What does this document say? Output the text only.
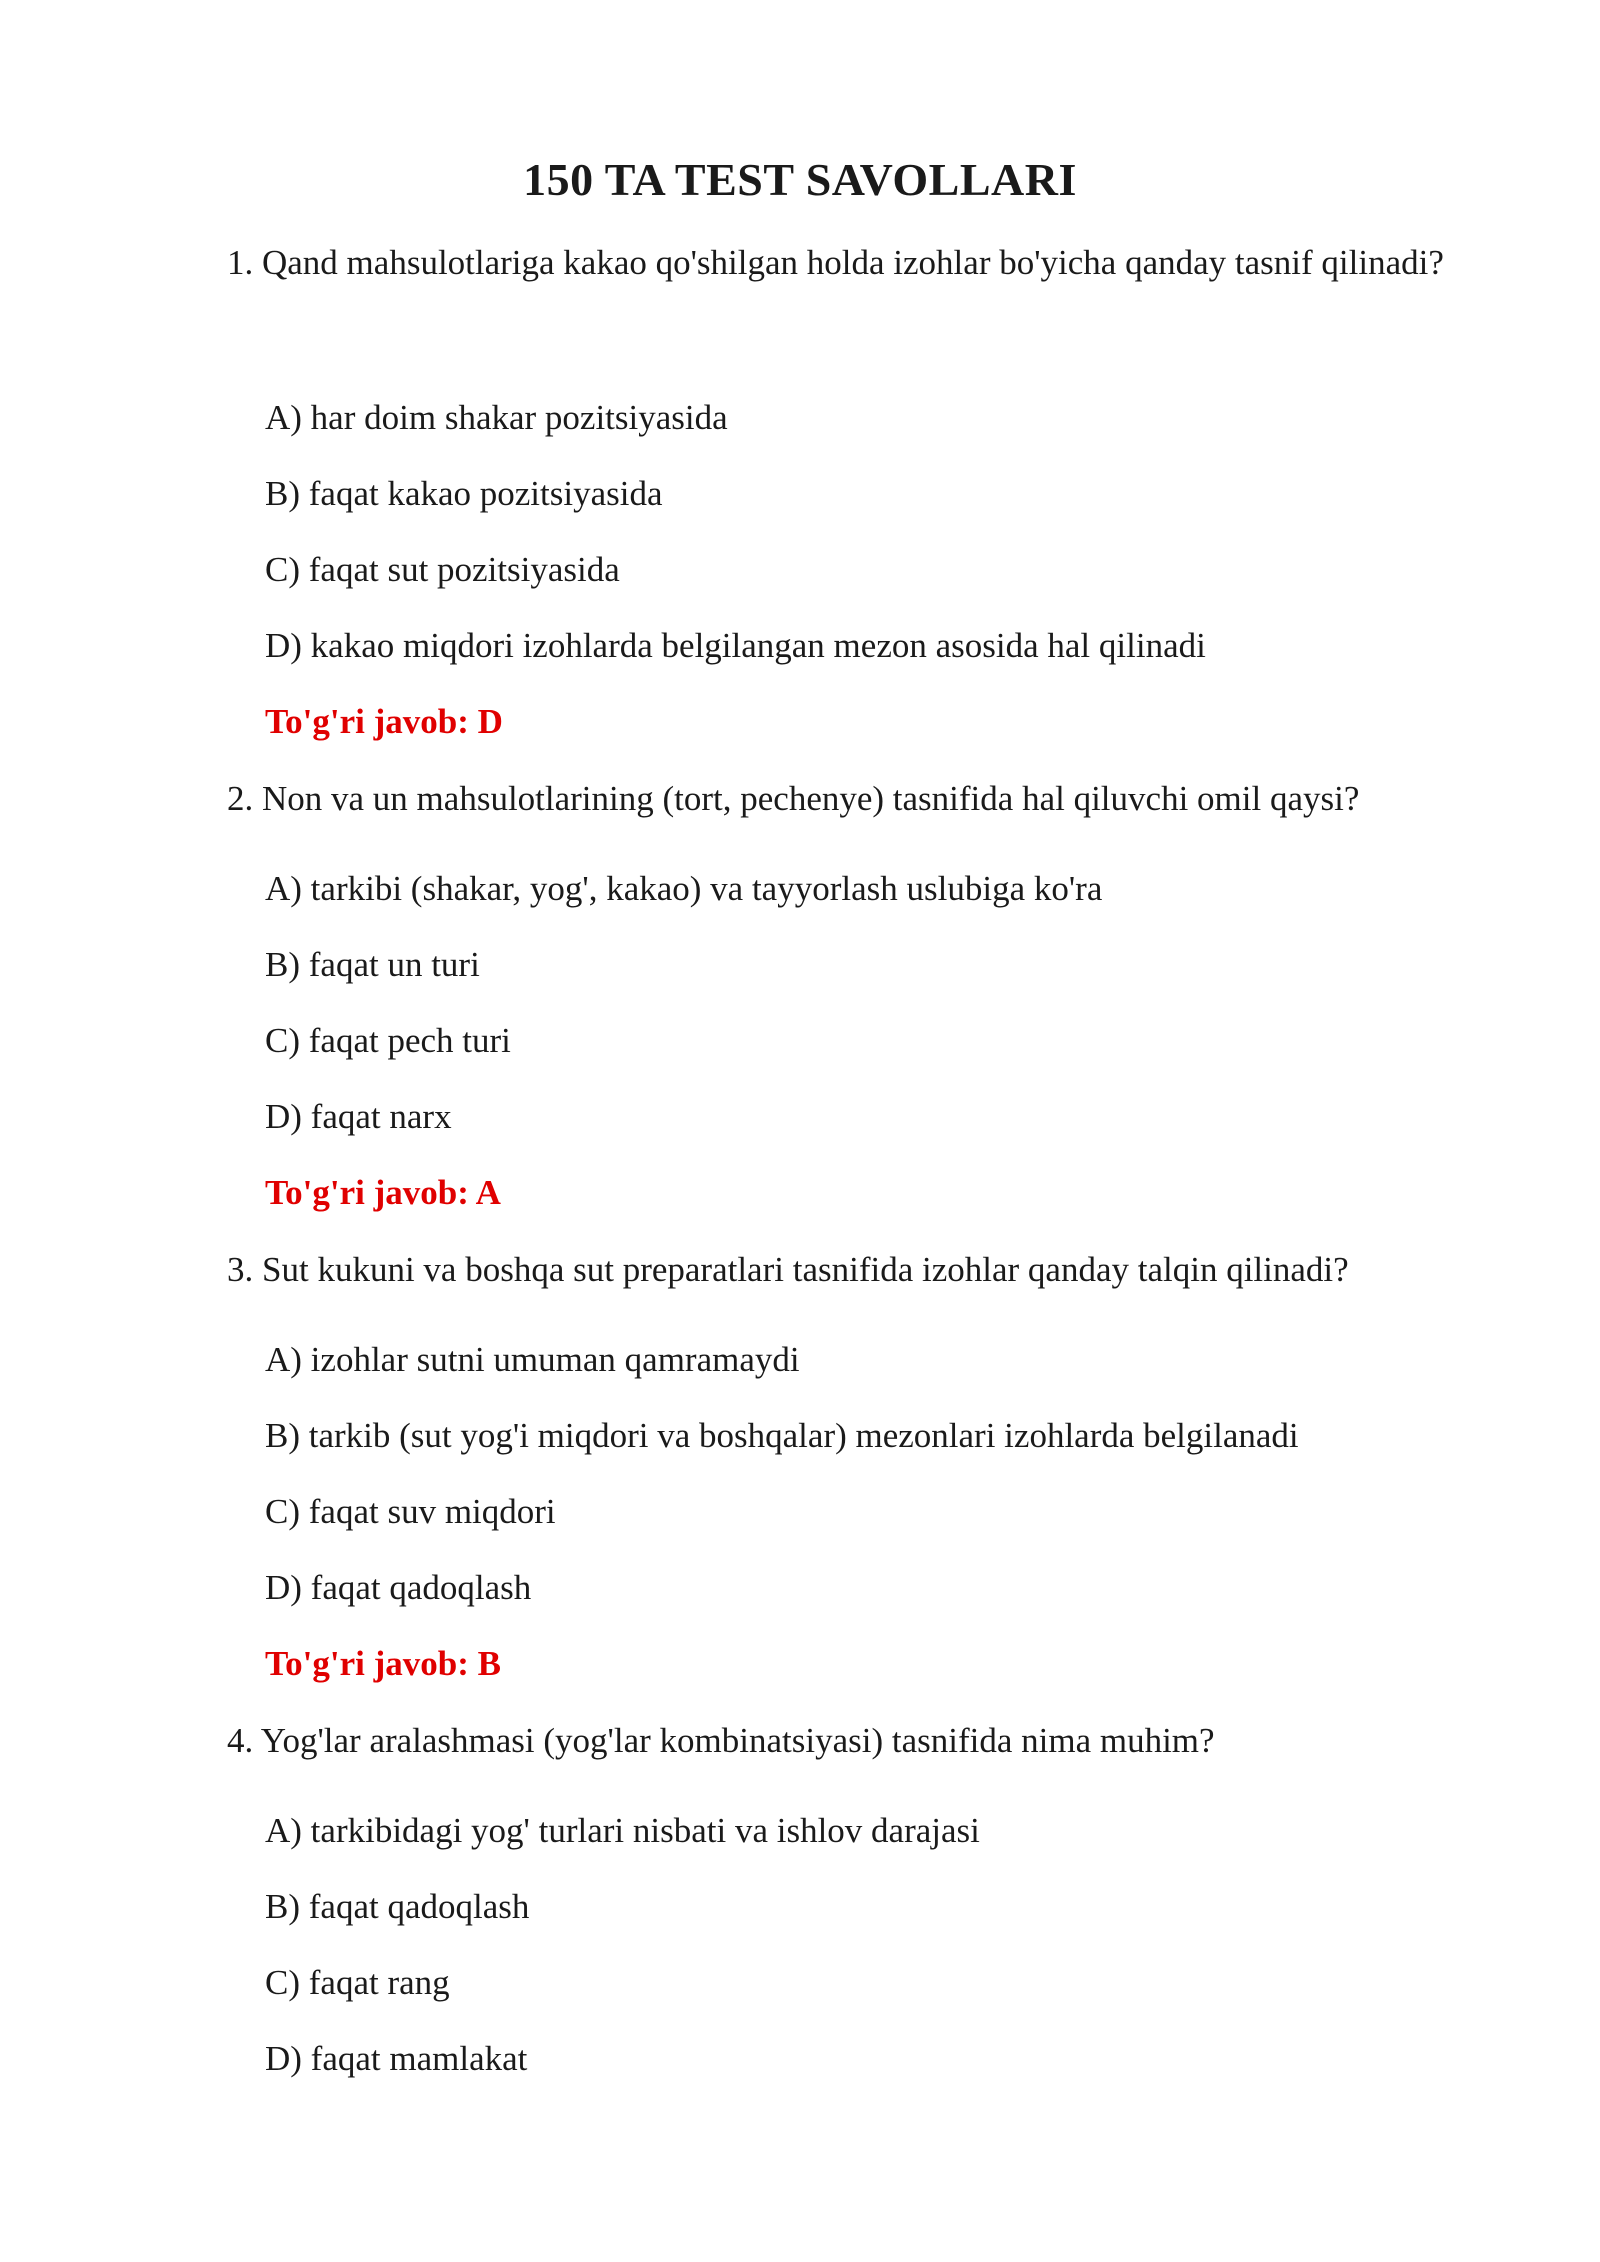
150 TA TEST SAVOLLARI

1. Qand mahsulotlariga kakao qo'shilgan holda izohlar bo'yicha qanday tasnif qilinadi?

A) har doim shakar pozitsiyasida
B) faqat kakao pozitsiyasida
C) faqat sut pozitsiyasida
D) kakao miqdori izohlarda belgilangan mezon asosida hal qilinadi
To'g'ri javob: D

2. Non va un mahsulotlarining (tort, pechenye) tasnifida hal qiluvchi omil qaysi?

A) tarkibi (shakar, yog', kakao) va tayyorlash uslubiga ko'ra
B) faqat un turi
C) faqat pech turi
D) faqat narx
To'g'ri javob: A

3. Sut kukuni va boshqa sut preparatlari tasnifida izohlar qanday talqin qilinadi?

A) izohlar sutni umuman qamramaydi
B) tarkib (sut yog'i miqdori va boshqalar) mezonlari izohlarda belgilanadi
C) faqat suv miqdori
D) faqat qadoqlash
To'g'ri javob: B

4. Yog'lar aralashmasi (yog'lar kombinatsiyasi) tasnifida nima muhim?

A) tarkibidagi yog' turlari nisbati va ishlov darajasi
B) faqat qadoqlash
C) faqat rang
D) faqat mamlakat
